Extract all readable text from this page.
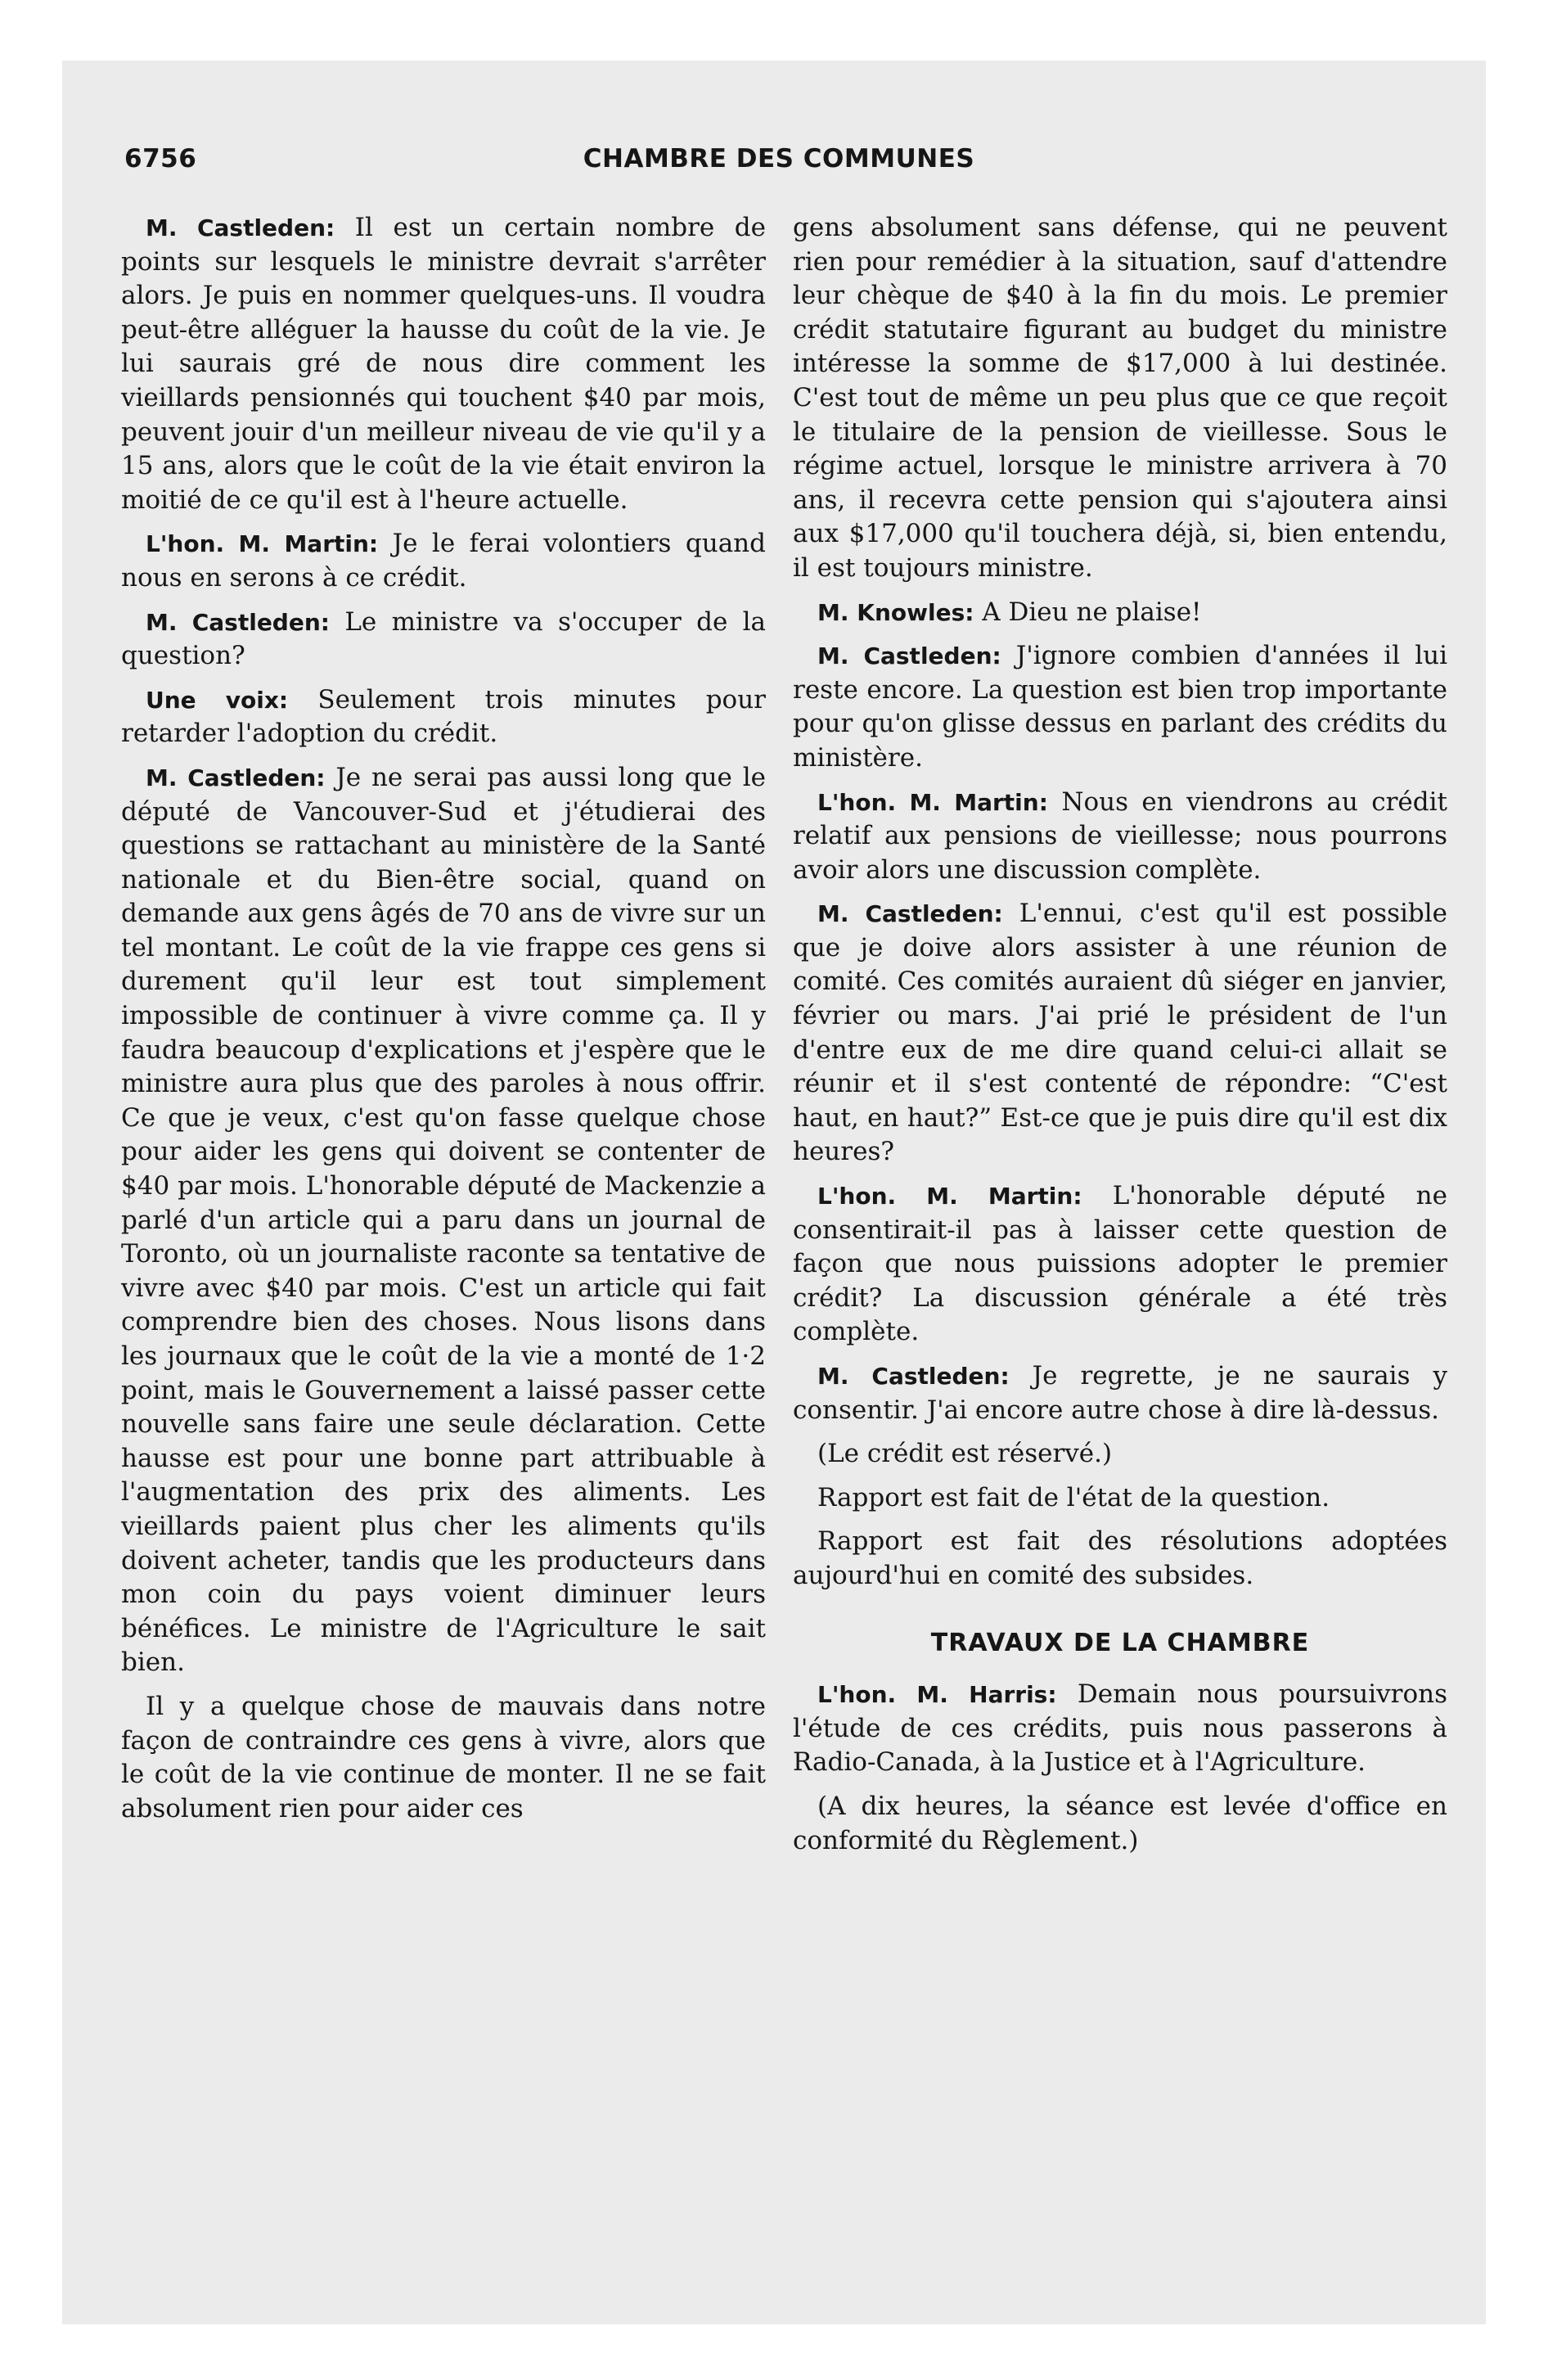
6756	CHAMBRE DES COMMUNES

M. Castleden: Il est un certain nombre de points sur lesquels le ministre devrait s'arrêter alors. Je puis en nommer quelques-uns. Il voudra peut-être alléguer la hausse du coût de la vie. Je lui saurais gré de nous dire comment les vieillards pensionnés qui touchent $40 par mois, peuvent jouir d'un meilleur niveau de vie qu'il y a 15 ans, alors que le coût de la vie était environ la moitié de ce qu'il est à l'heure actuelle.

L'hon. M. Martin: Je le ferai volontiers quand nous en serons à ce crédit.

M. Castleden: Le ministre va s'occuper de la question?

Une voix: Seulement trois minutes pour retarder l'adoption du crédit.

M. Castleden: Je ne serai pas aussi long que le député de Vancouver-Sud et j'étudierai des questions se rattachant au ministère de la Santé nationale et du Bien-être social, quand on demande aux gens âgés de 70 ans de vivre sur un tel montant. Le coût de la vie frappe ces gens si durement qu'il leur est tout simplement impossible de continuer à vivre comme ça. Il y faudra beaucoup d'explications et j'espère que le ministre aura plus que des paroles à nous offrir. Ce que je veux, c'est qu'on fasse quelque chose pour aider les gens qui doivent se contenter de $40 par mois. L'honorable député de Mackenzie a parlé d'un article qui a paru dans un journal de Toronto, où un journaliste raconte sa tentative de vivre avec $40 par mois. C'est un article qui fait comprendre bien des choses. Nous lisons dans les journaux que le coût de la vie a monté de 1·2 point, mais le Gouvernement a laissé passer cette nouvelle sans faire une seule déclaration. Cette hausse est pour une bonne part attribuable à l'augmentation des prix des aliments. Les vieillards paient plus cher les aliments qu'ils doivent acheter, tandis que les producteurs dans mon coin du pays voient diminuer leurs bénéfices. Le ministre de l'Agriculture le sait bien.

Il y a quelque chose de mauvais dans notre façon de contraindre ces gens à vivre, alors que le coût de la vie continue de monter. Il ne se fait absolument rien pour aider ces

gens absolument sans défense, qui ne peuvent rien pour remédier à la situation, sauf d'attendre leur chèque de $40 à la fin du mois. Le premier crédit statutaire figurant au budget du ministre intéresse la somme de $17,000 à lui destinée. C'est tout de même un peu plus que ce que reçoit le titulaire de la pension de vieillesse. Sous le régime actuel, lorsque le ministre arrivera à 70 ans, il recevra cette pension qui s'ajoutera ainsi aux $17,000 qu'il touchera déjà, si, bien entendu, il est toujours ministre.

M. Knowles: A Dieu ne plaise!

M. Castleden: J'ignore combien d'années il lui reste encore. La question est bien trop importante pour qu'on glisse dessus en parlant des crédits du ministère.

L'hon. M. Martin: Nous en viendrons au crédit relatif aux pensions de vieillesse; nous pourrons avoir alors une discussion complète.

M. Castleden: L'ennui, c'est qu'il est possible que je doive alors assister à une réunion de comité. Ces comités auraient dû siéger en janvier, février ou mars. J'ai prié le président de l'un d'entre eux de me dire quand celui-ci allait se réunir et il s'est contenté de répondre: “C'est haut, en haut?” Est-ce que je puis dire qu'il est dix heures?

L'hon. M. Martin: L'honorable député ne consentirait-il pas à laisser cette question de façon que nous puissions adopter le premier crédit? La discussion générale a été très complète.

M. Castleden: Je regrette, je ne saurais y consentir. J'ai encore autre chose à dire là-dessus.

(Le crédit est réservé.)

Rapport est fait de l'état de la question.

Rapport est fait des résolutions adoptées aujourd'hui en comité des subsides.

TRAVAUX DE LA CHAMBRE

L'hon. M. Harris: Demain nous poursuivrons l'étude de ces crédits, puis nous passerons à Radio-Canada, à la Justice et à l'Agriculture.

(A dix heures, la séance est levée d'office en conformité du Règlement.)
